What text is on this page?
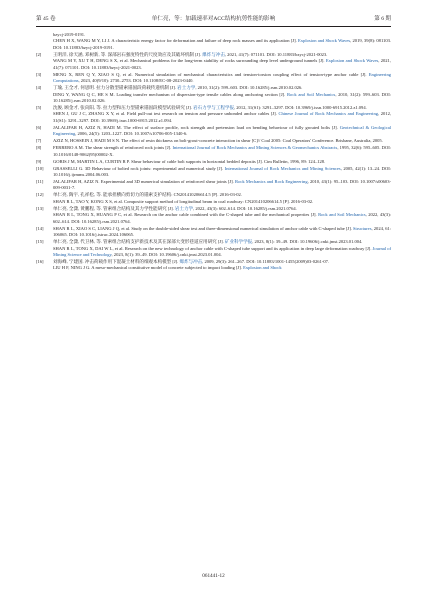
第 45 卷	单仁亮，等：加载速率对ACC结构抗剪性能的影响	第 6 期
bzycj-2019-0191.
CHEN H X, WANG M Y, LI J. A characteristic energy factor for deformation and failure of deep rock masses and its application [J]. Explosion and Shock Waves, 2019, 39(8): 081103. DOI: 10.11883/bzycj-2019-0191.
[2]	王明洋, 徐天涵, 邓树新, 等. 深部岩石强度特性的尺度效应及其破坏机制 [J]. 爆炸与冲击, 2021, 41(7): 071101. DOI: 10.11883/bzycj-2021-0023.
WANG M Y, XU T H, DENG S X, et al. Mechanical problems for the long-term stability of rocks surrounding deep level underground tunnels [J]. Explosion and Shock Waves, 2021, 41(7): 071101. DOI: 10.11883/bzycj-2021-0023.
[3]	MENG X, REN Q Y, XIAO S Q, et al. Numerical simulation of mechanical characteristics and tension-torsion coupling effect of tension-type anchor cable [J]. Engineering Computations, 2023, 40(9/10): 2730–2753. DOI: 10.1108/EC-08-2023-0440.
[4]	丁瑜, 王全才, 何思明. 拉力分散型锚索锚固段荷载传递机制 [J]. 岩土力学, 2010, 31(2): 599–603. DOI: 10.16285/j.rsm.2010.02.026.
DING Y, WANG Q C, HE S M. Loading transfer mechanism of dispersion-type tensile cables along anchoring section [J]. Rock and Soil Mechanics, 2010, 31(2): 599–603. DOI: 10.16285/j.rsm.2010.02.026.
[5]	沈俊, 顾金才, 张向阳, 等. 拉力型和压力型锚索锚固段模型试验研究 [J]. 岩石力学与工程学报, 2012, 31(S1): 3291–3297. DOI: 10.3969/j.issn.1000-6915.2012.z1.094.
SHEN J, GU J C, ZHANG X Y, et al. Field pull-out test research on tension and pressure unbonded anchor cables [J]. Chinese Journal of Rock Mechanics and Engineering, 2012, 31(S1): 3291–3297. DOI: 10.3969/j.issn.1000-6915.2012.z1.094.
[6]	JALALIFAR H, AZIZ N, HADI M. The effect of surface profile, rock strength and pretension load on bending behaviour of fully grouted bolts [J]. Geotechnical & Geological Engineering, 2006, 24(5): 1203–1227. DOI: 10.1007/s10706-005-1340-6.
[7]	AZIZ N, HOSSEIN J, HADI M S N. The effect of resin thickness on bolt-grout-concrete interaction in shear [C]// Coal 2005: Coal Operators' Conference. Brisbane, Australia, 2005.
[8]	FERRERO A M. The shear strength of reinforced rock joints [J]. International Journal of Rock Mechanics and Mining Sciences & Geomechanics Abstracts, 1995, 32(6): 595–605. DOI: 10.1016/0148-9062(95)00002-X.
[9]	GORIS J M, MARTIN L A, CURTIN R P. Shear behaviour of cable bolt supports in horizontal bedded deposits [J]. Cim Bulletin, 1996, 89: 124–128.
[10] GRASSELLI G. 3D Behaviour of bolted rock joints: experimental and numerical study [J]. International Journal of Rock Mechanics and Mining Sciences, 2005, 42(1): 13–24. DOI: 10.1016/j.ijrmms.2004.06.003.
[11] JALALIFAR H, AZIZ N. Experimental and 3D numerical simulation of reinforced shear joints [J]. Rock Mechanics and Rock Engineering, 2010, 43(1): 95–103. DOI: 10.1007/s00603-009-0031-7.
[12] 单仁亮, 陶宇, 孔祥松, 等. 能承担横向剪切力的锚索支护结构: CN201410206614.5 [P]. 2016-03-02.
SHAN R L, TAO Y, KONG X S, et al. Composite support method of longitudinal beam in coal roadway: CN201410206614.5 [P]. 2016-03-02.
[13] 单仁亮, 全潇, 黄鹏程, 等. 管索组合结构及其力学性能研究 [J]. 岩土力学, 2022, 43(3): 602–614. DOI: 10.16285/j.rsm.2021.0764.
SHAN R L, TONG X, HUANG P C, et al. Research on the anchor cable combined with the C-shaped tube and the mechanical properties [J]. Rock and Soil Mechanics, 2022, 43(3): 602–614. DOI: 10.16285/j.rsm.2021.0764.
[14] SHAN R L, XIAO S C, LIANG J Q, et al. Study on the double-sided shear test and three-dimensional numerical simulation of anchor cable with C-shaped tube [J]. Structures, 2024, 61: 106065. DOI: 10.1016/j.istruc.2024.106065.
[15] 单仁亮, 全潇, 代卫林, 等. 管索组合结构支护新技术及其在深部大变形巷道应用研究 [J]. 矿业科学学报, 2023, 8(1): 39–49. DOI: 10.19606/j.cnki.jmst.2023.01.004.
SHAN R L, TONG X, DAI W L, et al. Research on the new technology of anchor cable with C-shaped tube support and its application in deep large deformation roadway [J]. Journal of Mining Science and Technology, 2023, 8(1): 39–49. DOI: 10.19606/j.cnki.jmst.2023.01.004.
[16] 刘海峰, 宁建国. 冲击荷载作用下混凝土材料的细观本构模型 [J]. 爆炸与冲击, 2009, 29(3): 261–267. DOI: 10.11883/1001-1455(2009)03-0261-07.
LIU H F, NING J G. A meso-mechanical constitutive model of concrete subjected to impact loading [J]. Explosion and Shock
061441-12
